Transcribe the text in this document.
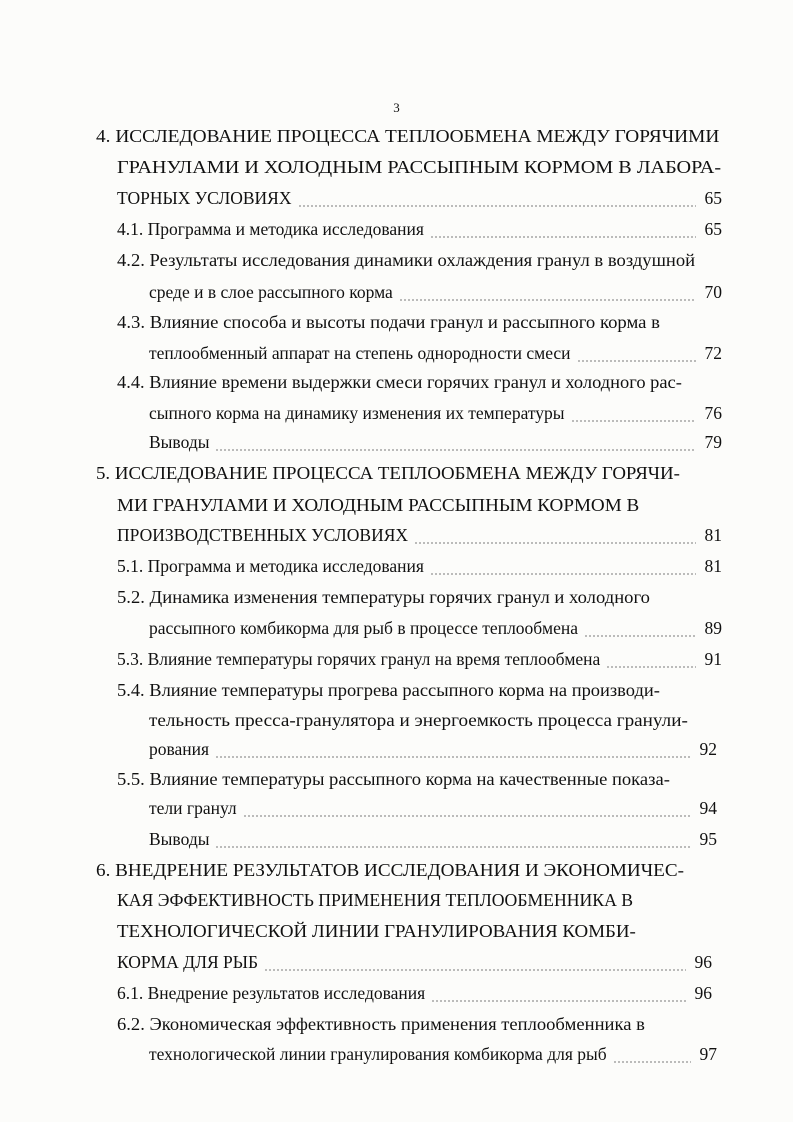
3
4. ИССЛЕДОВАНИЕ ПРОЦЕССА ТЕПЛООБМЕНА МЕЖДУ ГОРЯЧИМИ
ГРАНУЛАМИ И ХОЛОДНЫМ РАССЫПНЫМ КОРМОМ В ЛАБОРА-
ТОРНЫХ УСЛОВИЯХ	65
4.1. Программа и методика исследования	65
4.2. Результаты исследования динамики охлаждения гранул в воздушной
среде и в слое рассыпного корма	70
4.3. Влияние способа и высоты подачи гранул и рассыпного корма в
теплообменный аппарат на степень однородности смеси	72
4.4. Влияние времени выдержки смеси горячих гранул и холодного рас-
сыпного корма на динамику изменения их температуры	76
Выводы	79
5. ИССЛЕДОВАНИЕ ПРОЦЕССА ТЕПЛООБМЕНА МЕЖДУ ГОРЯЧИ-
МИ ГРАНУЛАМИ И ХОЛОДНЫМ РАССЫПНЫМ КОРМОМ В
ПРОИЗВОДСТВЕННЫХ УСЛОВИЯХ	81
5.1. Программа и методика исследования	81
5.2. Динамика изменения температуры горячих гранул и холодного
рассыпного комбикорма для рыб в процессе теплообмена	89
5.3. Влияние температуры горячих гранул на время теплообмена	91
5.4. Влияние температуры прогрева рассыпного корма на производи-
тельность пресса-гранулятора и энергоемкость процесса гранули-
рования	92
5.5. Влияние температуры рассыпного корма на качественные показа-
тели гранул	94
Выводы	95
6. ВНЕДРЕНИЕ РЕЗУЛЬТАТОВ ИССЛЕДОВАНИЯ И ЭКОНОМИЧЕС-
КАЯ ЭФФЕКТИВНОСТЬ ПРИМЕНЕНИЯ ТЕПЛООБМЕННИКА В
ТЕХНОЛОГИЧЕСКОЙ ЛИНИИ ГРАНУЛИРОВАНИЯ КОМБИ-
КОРМА ДЛЯ РЫБ	96
6.1. Внедрение результатов исследования	96
6.2. Экономическая эффективность применения теплообменника в
технологической линии гранулирования комбикорма для рыб	97
